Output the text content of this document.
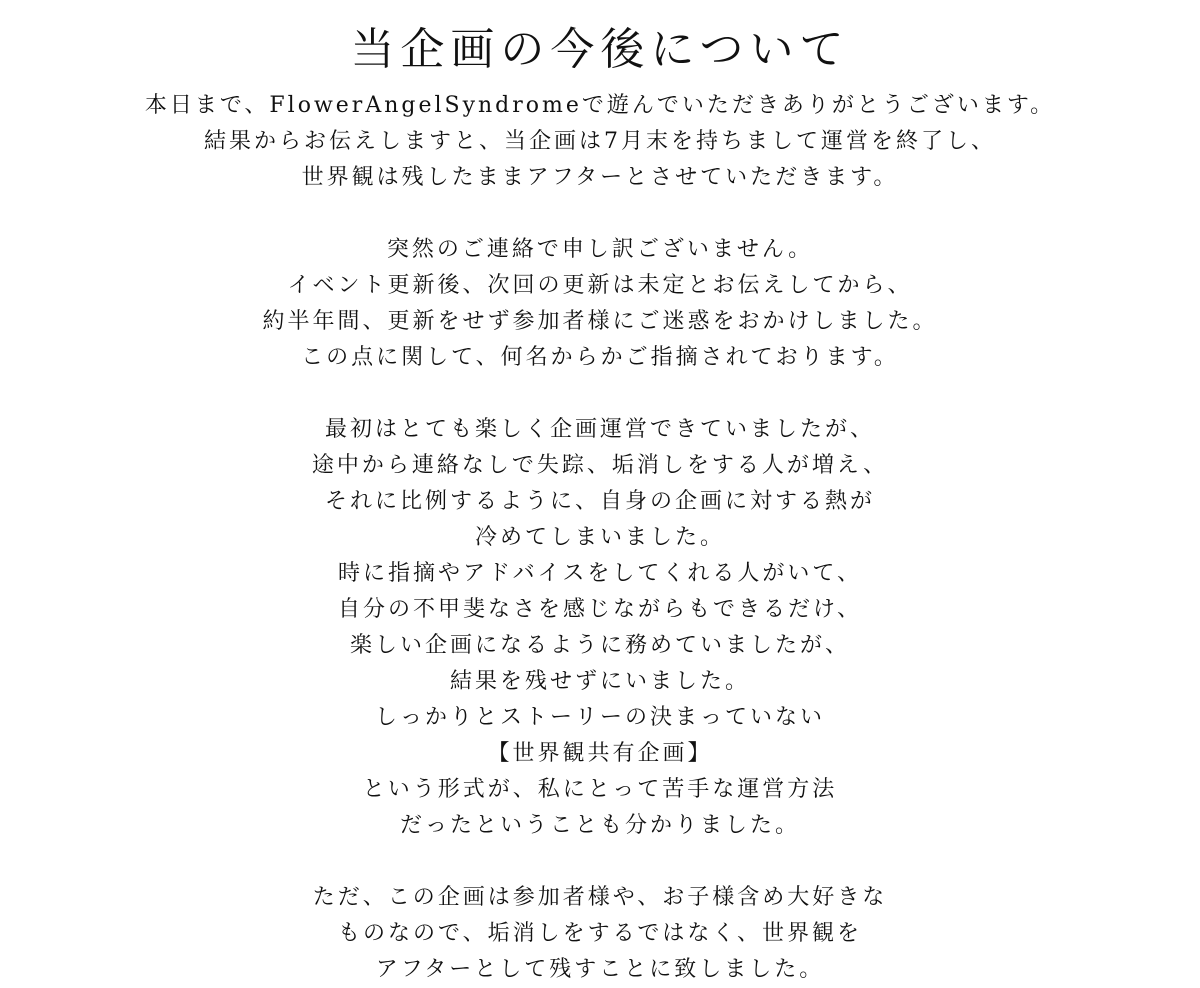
当企画の今後について
本日まで、FlowerAngelSyndromeで遊んでいただきありがとうございます。
結果からお伝えしますと、当企画は7月末を持ちまして運営を終了し、
世界観は残したままアフターとさせていただきます。
突然のご連絡で申し訳ございません。
イベント更新後、次回の更新は未定とお伝えしてから、
約半年間、更新をせず参加者様にご迷惑をおかけしました。
この点に関して、何名からかご指摘されております。
最初はとても楽しく企画運営できていましたが、
途中から連絡なしで失踪、垢消しをする人が増え、
それに比例するように、自身の企画に対する熱が
冷めてしまいました。
時に指摘やアドバイスをしてくれる人がいて、
自分の不甲斐なさを感じながらもできるだけ、
楽しい企画になるように務めていましたが、
結果を残せずにいました。
しっかりとストーリーの決まっていない
【世界観共有企画】
という形式が、私にとって苦手な運営方法
だったということも分かりました。
ただ、この企画は参加者様や、お子様含め大好きな
ものなので、垢消しをするではなく、世界観を
アフターとして残すことに致しました。
